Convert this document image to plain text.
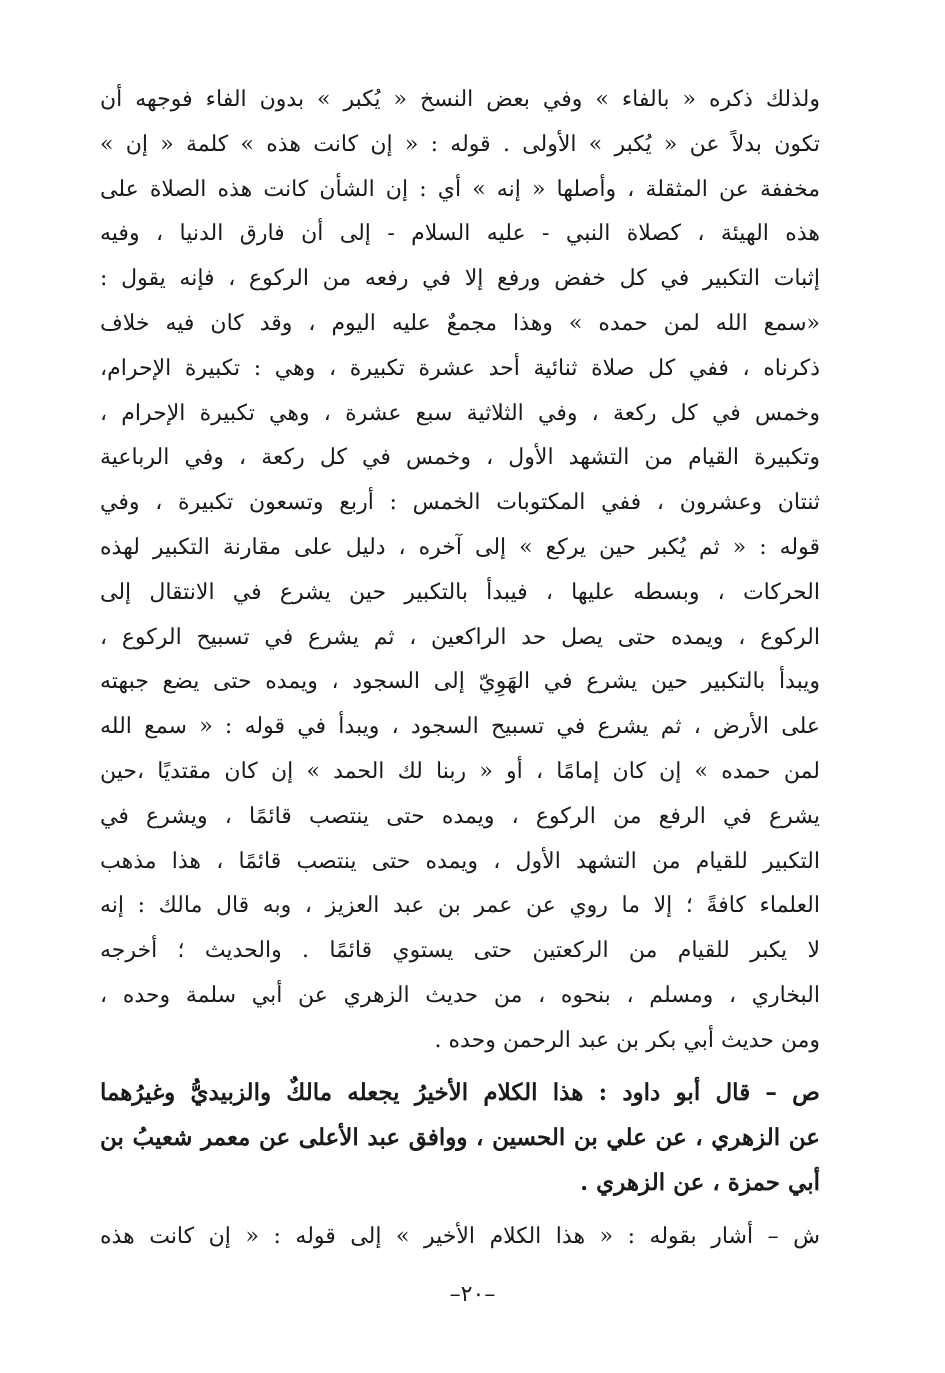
ولذلك ذكره « بالفاء » وفي بعض النسخ « يُكبر » بدون الفاء فوجهه أن
تكون بدلاً عن « يُكبر » الأولى . قوله : « إن كانت هذه » كلمة « إن »
مخففة عن المثقلة ، وأصلها « إنه » أي : إن الشأن كانت هذه الصلاة على
هذه الهيئة ، كصلاة النبي - عليه السلام - إلى أن فارق الدنيا ، وفيه
إثبات التكبير في كل خفض ورفع إلا في رفعه من الركوع ، فإنه يقول :
«سمع الله لمن حمده » وهذا مجمعٌ عليه اليوم ، وقد كان فيه خلاف
ذكرناه ، ففي كل صلاة ثنائية أحد عشرة تكبيرة ، وهي : تكبيرة الإحرام،
وخمس في كل ركعة ، وفي الثلاثية سبع عشرة ، وهي تكبيرة الإحرام ،
وتكبيرة القيام من التشهد الأول ، وخمس في كل ركعة ، وفي الرباعية
ثنتان وعشرون ، ففي المكتوبات الخمس : أربع وتسعون تكبيرة ، وفي
قوله : « ثم يُكبر حين يركع » إلى آخره ، دليل على مقارنة التكبير لهذه
الحركات ، وبسطه عليها ، فيبدأ بالتكبير حين يشرع في الانتقال إلى
الركوع ، ويمده حتى يصل حد الراكعين ، ثم يشرع في تسبيح الركوع ،
ويبدأ بالتكبير حين يشرع في الهَوِيّ إلى السجود ، ويمده حتى يضع جبهته
على الأرض ، ثم يشرع في تسبيح السجود ، ويبدأ في قوله : « سمع الله
لمن حمده » إن كان إمامًا ، أو « ربنا لك الحمد » إن كان مقتديًا ،حين
يشرع في الرفع من الركوع ، ويمده حتى ينتصب قائمًا ، ويشرع في
التكبير للقيام من التشهد الأول ، ويمده حتى ينتصب قائمًا ، هذا مذهب
العلماء كافةً ؛ إلا ما روي عن عمر بن عبد العزيز ، وبه قال مالك : إنه
لا يكبر للقيام من الركعتين حتى يستوي قائمًا . والحديث ؛ أخرجه
البخاري ، ومسلم ، بنحوه ، من حديث الزهري عن أبي سلمة وحده ،
ومن حديث أبي بكر بن عبد الرحمن وحده .
ص – قال أبو داود : هذا الكلام الأخيرُ يجعله مالكٌ والزبيديُّ وغيرُهما
عن الزهري ، عن علي بن الحسين ، ووافق عبد الأعلى عن معمر شعيبُ بن
أبي حمزة ، عن الزهري .
ش – أشار بقوله : « هذا الكلام الأخير » إلى قوله : « إن كانت هذه
–٢٠–
